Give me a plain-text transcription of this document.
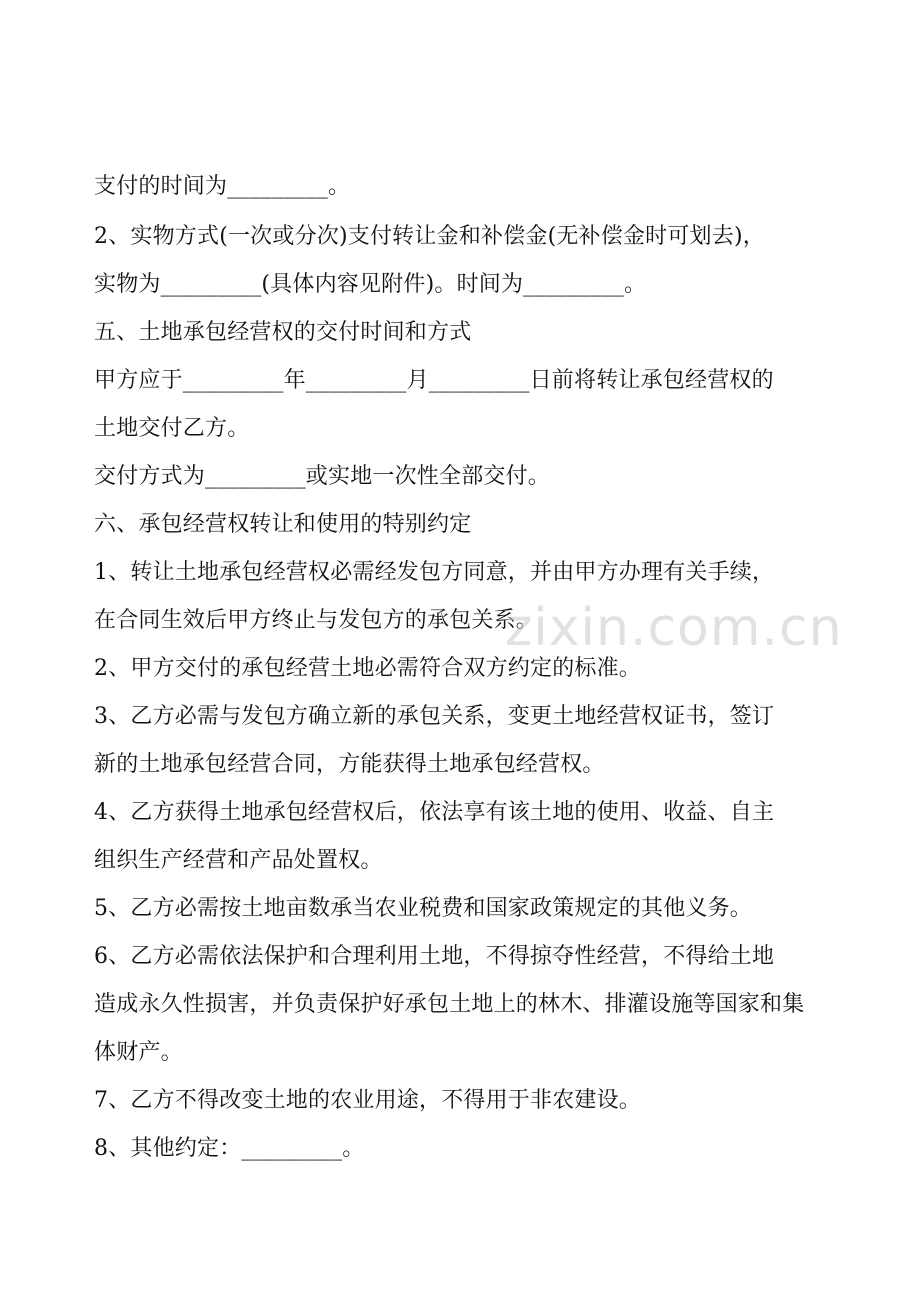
支付的时间为_________。
2、实物方式(一次或分次)支付转让金和补偿金(无补偿金时可划去)，
实物为_________(具体内容见附件)。时间为_________。
五、土地承包经营权的交付时间和方式
甲方应于_________年_________月_________日前将转让承包经营权的
土地交付乙方。
交付方式为_________或实地一次性全部交付。
六、承包经营权转让和使用的特别约定
1、转让土地承包经营权必需经发包方同意，并由甲方办理有关手续，
在合同生效后甲方终止与发包方的承包关系。
2、甲方交付的承包经营土地必需符合双方约定的标准。
3、乙方必需与发包方确立新的承包关系，变更土地经营权证书，签订
新的土地承包经营合同，方能获得土地承包经营权。
4、乙方获得土地承包经营权后，依法享有该土地的使用、收益、自主
组织生产经营和产品处置权。
5、乙方必需按土地亩数承当农业税费和国家政策规定的其他义务。
6、乙方必需依法保护和合理利用土地，不得掠夺性经营，不得给土地
造成永久性损害，并负责保护好承包土地上的林木、排灌设施等国家和集
体财产。
7、乙方不得改变土地的农业用途，不得用于非农建设。
8、其他约定：_________。
zixin.com.cn
